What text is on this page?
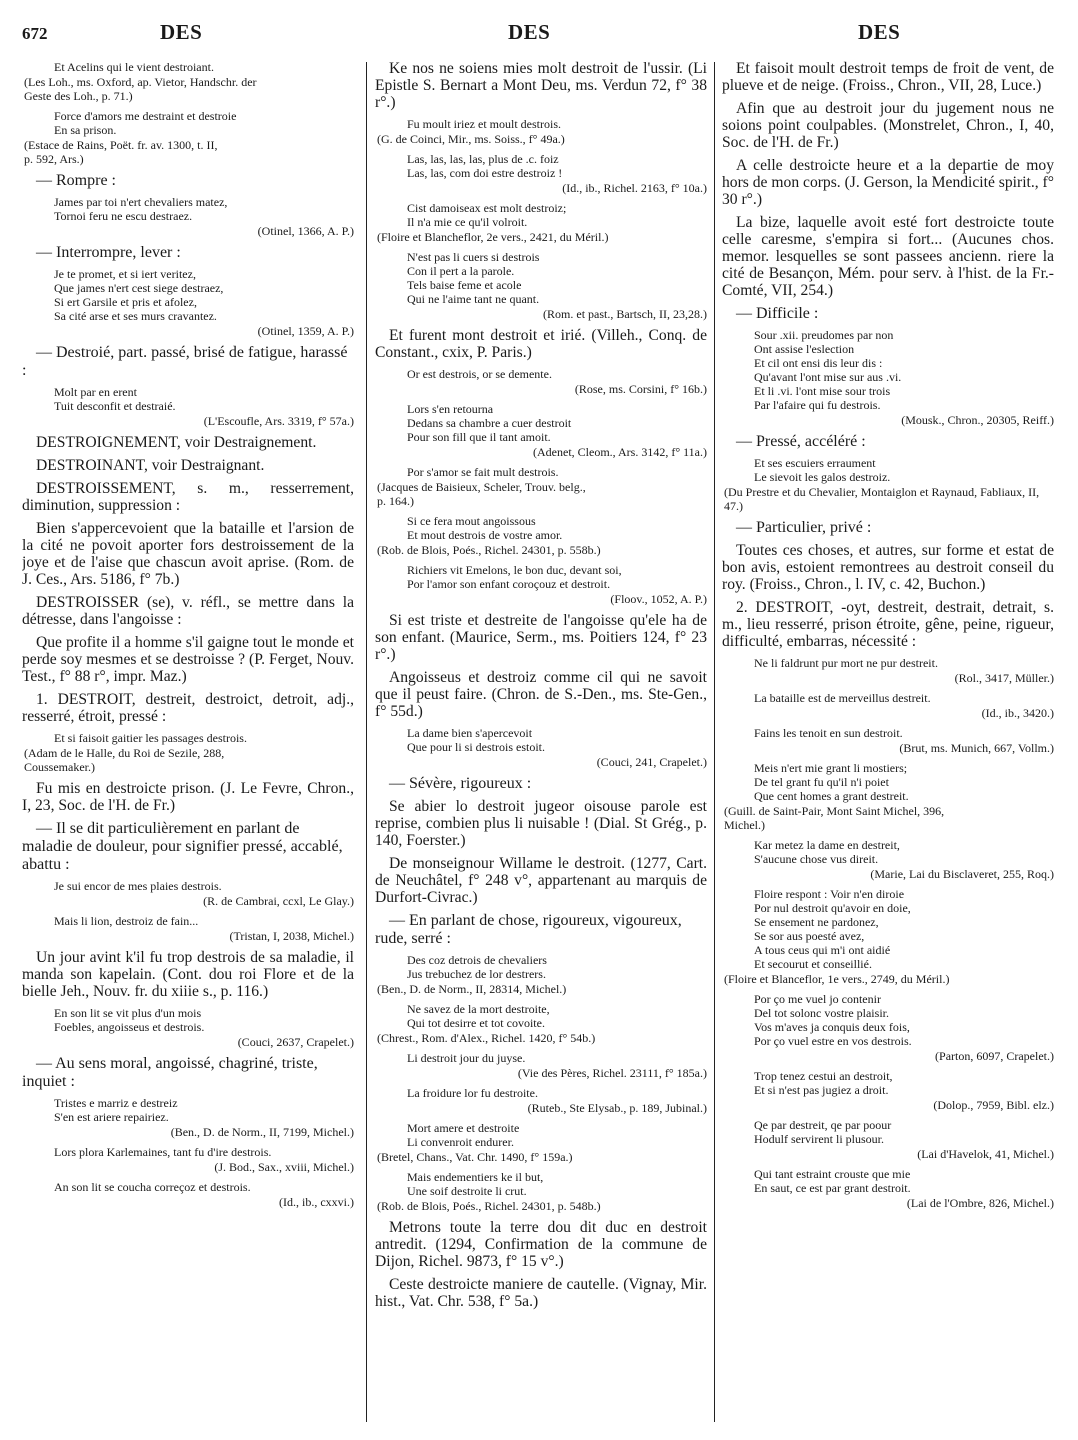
672	DES	DES	DES
Et Acelins qui le vient destroiant.
(Les Loh., ms. Oxford, ap. Vietor, Handschr. der
Geste des Loh., p. 71.)
Force d'amors me destraint et destroie
En sa prison.
(Estace de Rains, Poët. fr. av. 1300, t. II,
p. 592, Ars.)
— Rompre :
James par toi n'ert chevaliers matez,
Tornoi feru ne escu destraez.
(Otinel, 1366, A. P.)
— Interrompre, lever :
Je te promet, et si iert veritez,
Que james n'ert cest siege destraez,
Si ert Garsile et pris et afolez,
Sa cité arse et ses murs cravantez.
(Otinel, 1359, A. P.)
— Destroié, part. passé, brisé de fatigue, harassé :
Molt par en erent
Tuit desconfit et destraié.
(L'Escoufle, Ars. 3319, f° 57a.)
DESTROIGNEMENT, voir Destraignement.
DESTROINANT, voir Destraignant.
DESTROISSEMENT, s. m., resserrement, diminution, suppression :
Bien s'appercevoient que la bataille et l'arsion de la cité ne povoit aporter fors destroissement de la joye et de l'aise que chascun avoit aprise. (Rom. de J. Ces., Ars. 5186, f° 7b.)
DESTROISSER (se), v. réfl., se mettre dans la détresse, dans l'angoisse :
Que profite il a homme s'il gaigne tout le monde et perde soy mesmes et se destroisse ? (P. Ferget, Nouv. Test., f° 88 r°, impr. Maz.)
1. DESTROIT, destreit, destroict, detroit, adj., resserré, étroit, pressé :
Et si faisoit gaitier les passages destrois.
(Adam de le Halle, du Roi de Sezile, 288,
Coussemaker.)
Fu mis en destroicte prison. (J. Le Fevre, Chron., I, 23, Soc. de l'H. de Fr.)
— Il se dit particulièrement en parlant de maladie de douleur, pour signifier pressé, accablé, abattu :
Je sui encor de mes plaies destrois.
(R. de Cambrai, ccxl, Le Glay.)
Mais li lion, destroiz de fain...
(Tristan, I, 2038, Michel.)
Un jour avint k'il fu trop destrois de sa maladie, il manda son kapelain. (Cont. dou roi Flore et de la bielle Jeh., Nouv. fr. du xiiie s., p. 116.)
En son lit se vit plus d'un mois
Foebles, angoisseus et destrois.
(Couci, 2637, Crapelet.)
— Au sens moral, angoissé, chagriné, triste, inquiet :
Tristes e marriz e destreiz
S'en est ariere repairiez.
(Ben., D. de Norm., II, 7199, Michel.)
Lors plora Karlemaines, tant fu d'ire destrois.
(J. Bod., Sax., xviii, Michel.)
An son lit se coucha correçoz et destrois.
(Id., ib., cxxvi.)
Ke nos ne soiens mies molt destroit de l'ussir. (Li Epistle S. Bernart a Mont Deu, ms. Verdun 72, f° 38 r°.)
Fu moult iriez et moult destrois.
(G. de Coinci, Mir., ms. Soiss., f° 49a.)
Las, las, las, las, plus de .c. foiz
Las, las, com doi estre destroiz !
(Id., ib., Richel. 2163, f° 10a.)
Cist damoiseax est molt destroiz;
Il n'a mie ce qu'il volroit.
(Floire et Blancheflor, 2e vers., 2421, du Méril.)
N'est pas li cuers si destrois
Con il pert a la parole.
Tels baise feme et acole
Qui ne l'aime tant ne quant.
(Rom. et past., Bartsch, II, 23,28.)
Et furent mont destroit et irié. (Villeh., Conq. de Constant., cxix, P. Paris.)
Or est destrois, or se demente.
(Rose, ms. Corsini, f° 16b.)
Lors s'en retourna
Dedans sa chambre a cuer destroit
Pour son fill que il tant amoit.
(Adenet, Cleom., Ars. 3142, f° 11a.)
Por s'amor se fait mult destrois.
(Jacques de Baisieux, Scheler, Trouv. belg.,
p. 164.)
Si ce fera mout angoissous
Et mout destrois de vostre amor.
(Rob. de Blois, Poés., Richel. 24301, p. 558b.)
Richiers vit Emelons, le bon duc, devant soi,
Por l'amor son enfant coroçouz et destroit.
(Floov., 1052, A. P.)
Si est triste et destreite de l'angoisse qu'ele ha de son enfant. (Maurice, Serm., ms. Poitiers 124, f° 23 r°.)
Angoisseus et destroiz comme cil qui ne savoit que il peust faire. (Chron. de S.-Den., ms. Ste-Gen., f° 55d.)
La dame bien s'apercevoit
Que pour li si destrois estoit.
(Couci, 241, Crapelet.)
— Sévère, rigoureux :
Se abier lo destroit jugeor oisouse parole est reprise, combien plus li nuisable ! (Dial. St Grég., p. 140, Foerster.)
De monseignour Willame le destroit. (1277, Cart. de Neuchâtel, f° 248 v°, appartenant au marquis de Durfort-Civrac.)
— En parlant de chose, rigoureux, vigoureux, rude, serré :
Des coz detrois de chevaliers
Jus trebuchez de lor destrers.
(Ben., D. de Norm., II, 28314, Michel.)
Ne savez de la mort destroite,
Qui tot desirre et tot covoite.
(Chrest., Rom. d'Alex., Richel. 1420, f° 54b.)
Li destroit jour du juyse.
(Vie des Pères, Richel. 23111, f° 185a.)
La froidure lor fu destroite.
(Ruteb., Ste Elysab., p. 189, Jubinal.)
Mort amere et destroite
Li convenroit endurer.
(Bretel, Chans., Vat. Chr. 1490, f° 159a.)
Mais endementiers ke il but,
Une soif destroite li crut.
(Rob. de Blois, Poés., Richel. 24301, p. 548b.)
Metrons toute la terre dou dit duc en destroit antredit. (1294, Confirmation de la commune de Dijon, Richel. 9873, f° 15 v°.)
Ceste destroicte maniere de cautelle. (Vignay, Mir. hist., Vat. Chr. 538, f° 5a.)
Et faisoit moult destroit temps de froit de vent, de plueve et de neige. (Froiss., Chron., VII, 28, Luce.)
Afin que au destroit jour du jugement nous ne soions point coulpables. (Monstrelet, Chron., I, 40, Soc. de l'H. de Fr.)
A celle destroicte heure et a la departie de moy hors de mon corps. (J. Gerson, la Mendicité spirit., f° 30 r°.)
La bize, laquelle avoit esté fort destroicte toute celle caresme, s'empira si fort... (Aucunes chos. memor. lesquelles se sont passees ancienn. riere la cité de Besançon, Mém. pour serv. à l'hist. de la Fr.-Comté, VII, 254.)
— Difficile :
Sour .xii. preudomes par non
Ont assise l'eslection
Et cil ont ensi dis leur dis :
Qu'avant l'ont mise sur aus .vi.
Et li .vi. l'ont mise sour trois
Par l'afaire qui fu destrois.
(Mousk., Chron., 20305, Reiff.)
— Pressé, accéléré :
Et ses escuiers erraument
Le sievoit les galos destroiz.
(Du Prestre et du Chevalier, Montaiglon et Raynaud, Fabliaux, II, 47.)
— Particulier, privé :
Toutes ces choses, et autres, sur forme et estat de bon avis, estoient remontrees au destroit conseil du roy. (Froiss., Chron., l. IV, c. 42, Buchon.)
2. DESTROIT, -oyt, destreit, destrait, detrait, s. m., lieu resserré, prison étroite, gêne, peine, rigueur, difficulté, embarras, nécessité :
Ne li faldrunt pur mort ne pur destreit.
(Rol., 3417, Müller.)
La bataille est de merveillus destreit.
(Id., ib., 3420.)
Fains les tenoit en sun destroit.
(Brut, ms. Munich, 667, Vollm.)
Meis n'ert mie grant li mostiers;
De tel grant fu qu'il n'i poiet
Que cent homes a grant destreit.
(Guill. de Saint-Pair, Mont Saint Michel, 396,
Michel.)
Kar metez la dame en destreit,
S'aucune chose vus direit.
(Marie, Lai du Bisclaveret, 255, Roq.)
Floire respont : Voir n'en diroie
Por nul destroit qu'avoir en doie,
Se ensement ne pardonez,
Se sor aus poesté avez,
A tous ceus qui m'i ont aidié
Et secourut et conseillié.
(Floire et Blanceflor, 1e vers., 2749, du Méril.)
Por ço me vuel jo contenir
Del tot solonc vostre plaisir.
Vos m'aves ja conquis deux fois,
Por ço vuel estre en vos destrois.
(Parton, 6097, Crapelet.)
Trop tenez cestui an destroit,
Et si n'est pas jugiez a droit.
(Dolop., 7959, Bibl. elz.)
Qe par destreit, qe par poour
Hodulf servirent li plusour.
(Lai d'Havelok, 41, Michel.)
Qui tant estraint crouste que mie
En saut, ce est par grant destroit.
(Lai de l'Ombre, 826, Michel.)
